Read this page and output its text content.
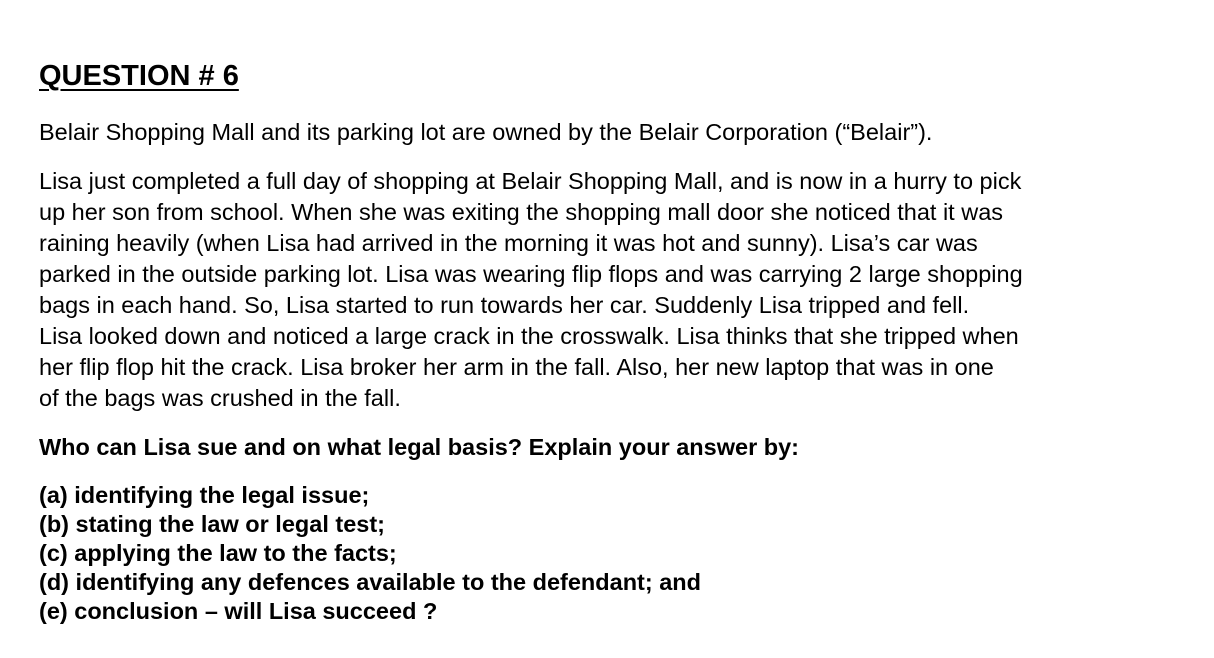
QUESTION # 6

Belair Shopping Mall and its parking lot are owned by the Belair Corporation (“Belair”).

Lisa just completed a full day of shopping at Belair Shopping Mall, and is now in a hurry to pick
up her son from school. When she was exiting the shopping mall door she noticed that it was
raining heavily (when Lisa had arrived in the morning it was hot and sunny). Lisa’s car was
parked in the outside parking lot. Lisa was wearing flip flops and was carrying 2 large shopping
bags in each hand. So, Lisa started to run towards her car. Suddenly Lisa tripped and fell.
Lisa looked down and noticed a large crack in the crosswalk. Lisa thinks that she tripped when
her flip flop hit the crack. Lisa broker her arm in the fall. Also, her new laptop that was in one
of the bags was crushed in the fall.

Who can Lisa sue and on what legal basis? Explain your answer by:

(a) identifying the legal issue;
(b) stating the law or legal test;
(c) applying the law to the facts;
(d) identifying any defences available to the defendant; and
(e) conclusion – will Lisa succeed ?
